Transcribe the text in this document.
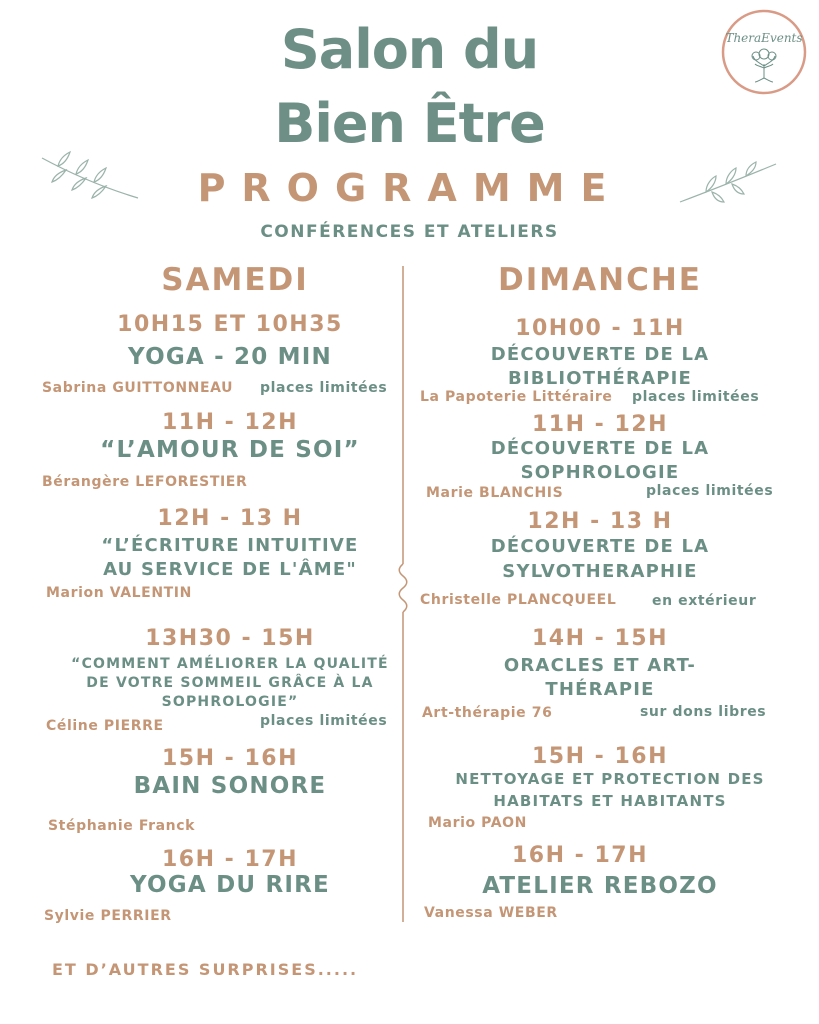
TheraEvents
Salon du
Bien Être
PROGRAMME
CONFÉRENCES ET ATELIERS
SAMEDI
10H15 ET 10H35
YOGA - 20 MIN
Sabrina GUITTONNEAU places limitées
11H - 12H
“L’AMOUR DE SOI”
Bérangère LEFORESTIER
12H - 13 H
“L’ÉCRITURE INTUITIVE
AU SERVICE DE L'ÂME"
Marion VALENTIN
13H30 - 15H
“COMMENT AMÉLIORER LA QUALITÉ
DE VOTRE SOMMEIL GRÂCE À LA
SOPHROLOGIE”
Céline PIERRE	places limitées
15H - 16H
BAIN SONORE
Stéphanie Franck
16H - 17H
YOGA DU RIRE
Sylvie PERRIER
DIMANCHE
10H00 - 11H
DÉCOUVERTE DE LA
BIBLIOTHÉRAPIE
La Papoterie Littéraire places limitées
11H - 12H
DÉCOUVERTE DE LA
SOPHROLOGIE
Marie BLANCHIS	places limitées
12H - 13 H
DÉCOUVERTE DE LA
SYLVOTHERAPHIE
Christelle PLANCQUEEL	en extérieur
14H - 15H
ORACLES ET ART-
THÉRAPIE
Art-thérapie 76	sur dons libres
15H - 16H
NETTOYAGE ET PROTECTION DES
HABITATS ET HABITANTS
Mario PAON
16H - 17H
ATELIER REBOZO
Vanessa WEBER
ET D’AUTRES SURPRISES.....
